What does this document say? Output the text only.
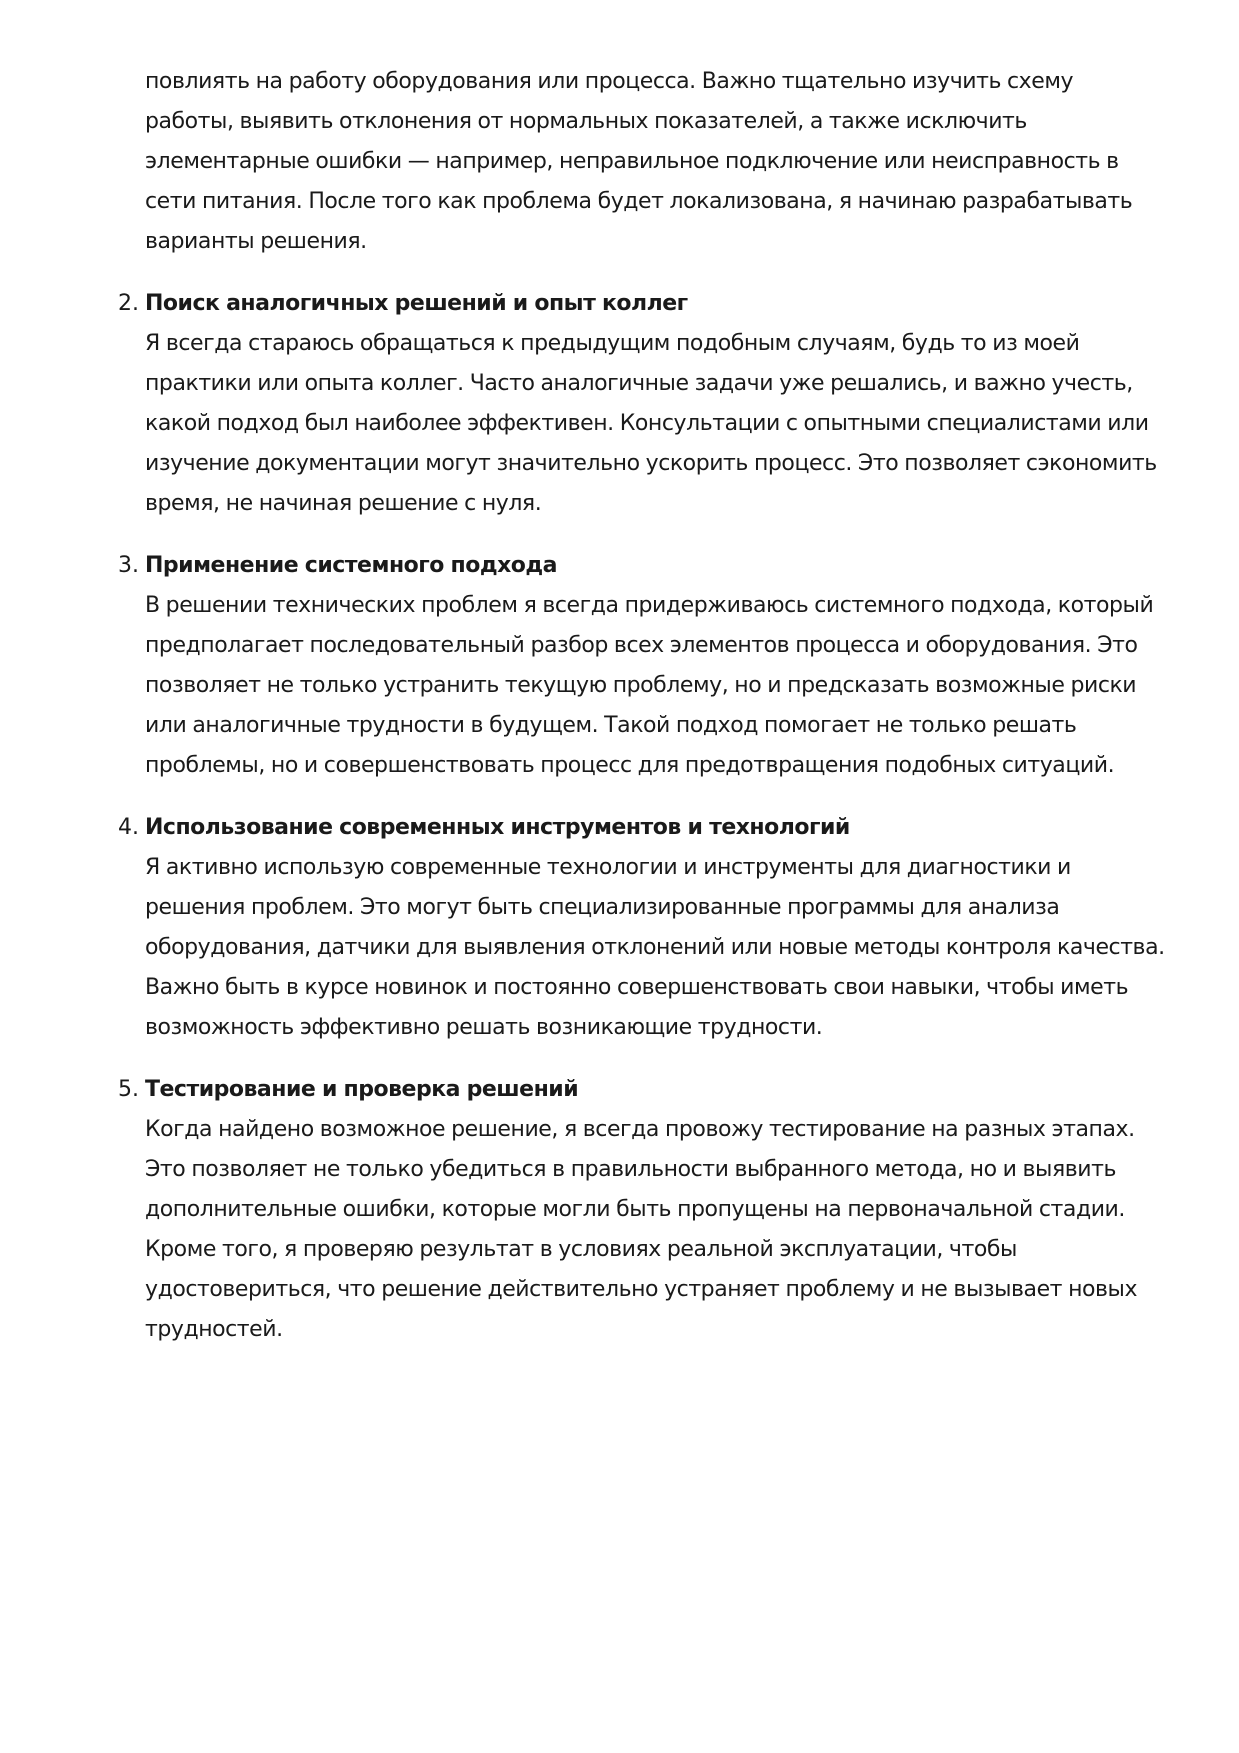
повлиять на работу оборудования или процесса. Важно тщательно изучить схему работы, выявить отклонения от нормальных показателей, а также исключить элементарные ошибки — например, неправильное подключение или неисправность в сети питания. После того как проблема будет локализована, я начинаю разрабатывать варианты решения.

2. Поиск аналогичных решений и опыт коллег

Я всегда стараюсь обращаться к предыдущим подобным случаям, будь то из моей практики или опыта коллег. Часто аналогичные задачи уже решались, и важно учесть, какой подход был наиболее эффективен. Консультации с опытными специалистами или изучение документации могут значительно ускорить процесс. Это позволяет сэкономить время, не начиная решение с нуля.

3. Применение системного подхода

В решении технических проблем я всегда придерживаюсь системного подхода, который предполагает последовательный разбор всех элементов процесса и оборудования. Это позволяет не только устранить текущую проблему, но и предсказать возможные риски или аналогичные трудности в будущем. Такой подход помогает не только решать проблемы, но и совершенствовать процесс для предотвращения подобных ситуаций.

4. Использование современных инструментов и технологий

Я активно использую современные технологии и инструменты для диагностики и решения проблем. Это могут быть специализированные программы для анализа оборудования, датчики для выявления отклонений или новые методы контроля качества. Важно быть в курсе новинок и постоянно совершенствовать свои навыки, чтобы иметь возможность эффективно решать возникающие трудности.

5. Тестирование и проверка решений

Когда найдено возможное решение, я всегда провожу тестирование на разных этапах. Это позволяет не только убедиться в правильности выбранного метода, но и выявить дополнительные ошибки, которые могли быть пропущены на первоначальной стадии. Кроме того, я проверяю результат в условиях реальной эксплуатации, чтобы удостовериться, что решение действительно устраняет проблему и не вызывает новых трудностей.
